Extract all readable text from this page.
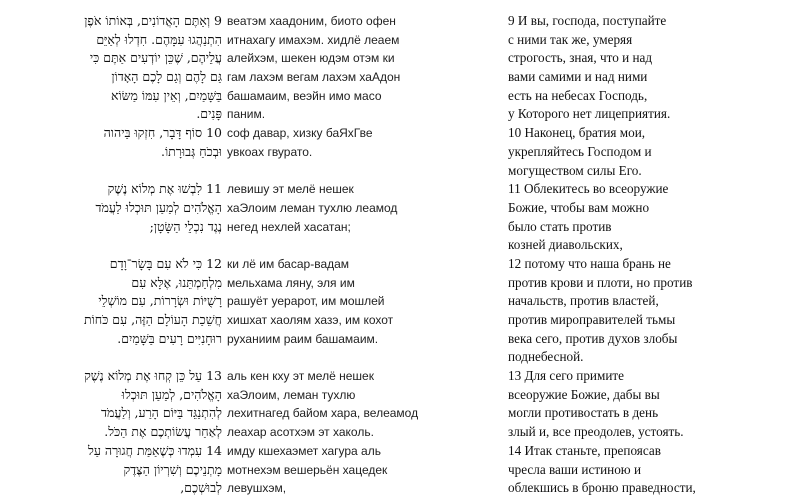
9 וְאַתֶּם הָאֲדוֹנִים, בְּאוֹתוֹ אֹפֶן
הִתְנַהֲגוּ עִמָּהֶם. חִדְלוּ לְאַיֵּם
עֲלֵיהֶם, שֶׁכֵּן יוֹדְעִים אַתֶּם כִּי
גַּם לָהֶם וְגַם לָכֶם הָאָדוֹן
בַּשָּׁמַיִם, וְאֵין עִמּוֹ מַשּׂוֹא
פָּנִים.
10 סוֹף דָּבָר, חִזְקוּ בַּיהוה
וּבְכֹחַ גְּבוּרָתוֹ.
11 לִבְשׁוּ אֶת מְלוֹא נֶשֶׁק
הָאֱלֹהִים לְמַעַן תּוּכְלוּ לַעֲמֹד
נֶגֶד נִכְלֵי הַשָּׂטָן;
12 כִּי לֹא עִם בָּשָׂר־וָדָם
מִלְחַמְתֵּנוּ, אֶלָּא עִם
רָשֻׁיּוֹת וּשְׂרָרוֹת, עִם מוֹשְׁלֵי
חֲשֵׁכַת הָעוֹלָם הַזֶּה, עִם כֹּחוֹת
רוּחָנִיִּים רָעִים בַּשָּׁמַיִם.
13 עַל כֵּן קְחוּ אֶת מְלוֹא נֶשֶׁק
הָאֱלֹהִים, לְמַעַן תּוּכְלוּ
לְהִתְנַגֵּד בַּיּוֹם הָרַע, וְלַעֲמֹד
לְאַחַר עֲשׂוֹתְכֶם אֶת הַכֹּל.
14 עִמְדוּ כְּשֶׁאַמַּת חֲגוּרָה עַל
מָתְנֵיכֶם וְשִׁרְיוֹן הַצֶּדֶק
לְבוּשְׁכֶם,
веатэм хаадоним, биото офен
итнахагу имахэм. хидлё леаем
алейхэм, шекен юдэм отэм ки
гам лахэм вегам лахэм хаАдон
башамаим, веэйн имо масо
паним.
соф давар, хизку баЯхГве
увкоах гвурато.
левишу эт мелё нешек
хаЭлоим леман тухлю леамод
негед нехлей хасатан;
ки лё им басар-вадам
мельхама ляну, эля им
рашуёт уерарот, им мошлей
хишхат хаолям хазэ, им кохот
руханиим раим башамаим.
аль кен кху эт мелё нешек
хаЭлоим, леман тухлю
лехитнагед байом хара, велеамод
леахар асотхэм эт хаколь.
имду кшехаэмет хагура аль
мотнехэм вешерьён хацедек
левушхэм,
9 И вы, господа, поступайте
с ними так же, умеряя
строгость, зная, что и над
вами самими и над ними
есть на небесах Господь,
у Которого нет лицеприятия.
10 Наконец, братия мои,
укрепляйтесь Господом и
могуществом силы Его.
11 Облекитесь во всеоружие
Божие, чтобы вам можно
было стать против
козней диавольских,
12 потому что наша брань не
против крови и плоти, но против
начальств, против властей,
против мироправителей тьмы
века сего, против духов злобы
поднебесной.
13 Для сего примите
всеоружие Божие, дабы вы
могли противостать в день
злый и, все преодолев, устоять.
14 Итак станьте, препоясав
чресла ваши истиною и
облекшись в броню праведности,
